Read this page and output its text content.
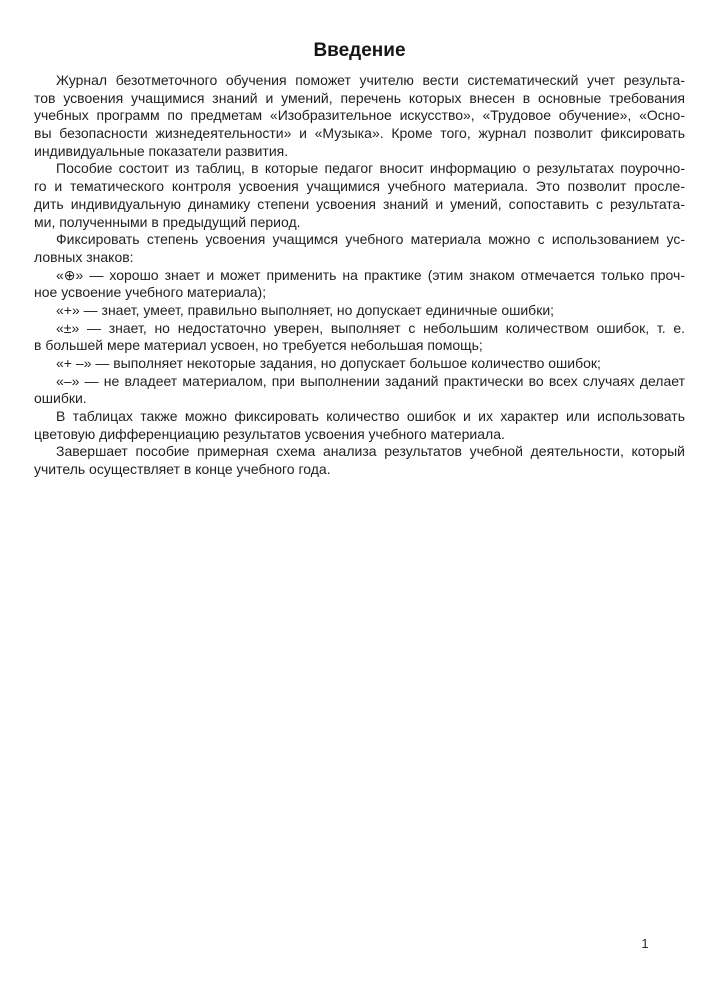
Введение
Журнал безотметочного обучения поможет учителю вести систематический учет результа-
тов усвоения учащимися знаний и умений, перечень которых внесен в основные требования
учебных программ по предметам «Изобразительное искусство», «Трудовое обучение», «Осно-
вы безопасности жизнедеятельности» и «Музыка». Кроме того, журнал позволит фиксировать
индивидуальные показатели развития.
Пособие состоит из таблиц, в которые педагог вносит информацию о результатах поурочно-
го и тематического контроля усвоения учащимися учебного материала. Это позволит просле-
дить индивидуальную динамику степени усвоения знаний и умений, сопоставить с результата-
ми, полученными в предыдущий период.
Фиксировать степень усвоения учащимся учебного материала можно с использованием ус-
ловных знаков:
«⊕» — хорошо знает и может применить на практике (этим знаком отмечается только проч-
ное усвоение учебного материала);
«+» — знает, умеет, правильно выполняет, но допускает единичные ошибки;
«±» — знает, но недостаточно уверен, выполняет с небольшим количеством ошибок, т. е.
в большей мере материал усвоен, но требуется небольшая помощь;
«+ –» — выполняет некоторые задания, но допускает большое количество ошибок;
«–» — не владеет материалом, при выполнении заданий практически во всех случаях делает
ошибки.
В таблицах также можно фиксировать количество ошибок и их характер или использовать
цветовую дифференциацию результатов усвоения учебного материала.
Завершает пособие примерная схема анализа результатов учебной деятельности, который
учитель осуществляет в конце учебного года.
1
